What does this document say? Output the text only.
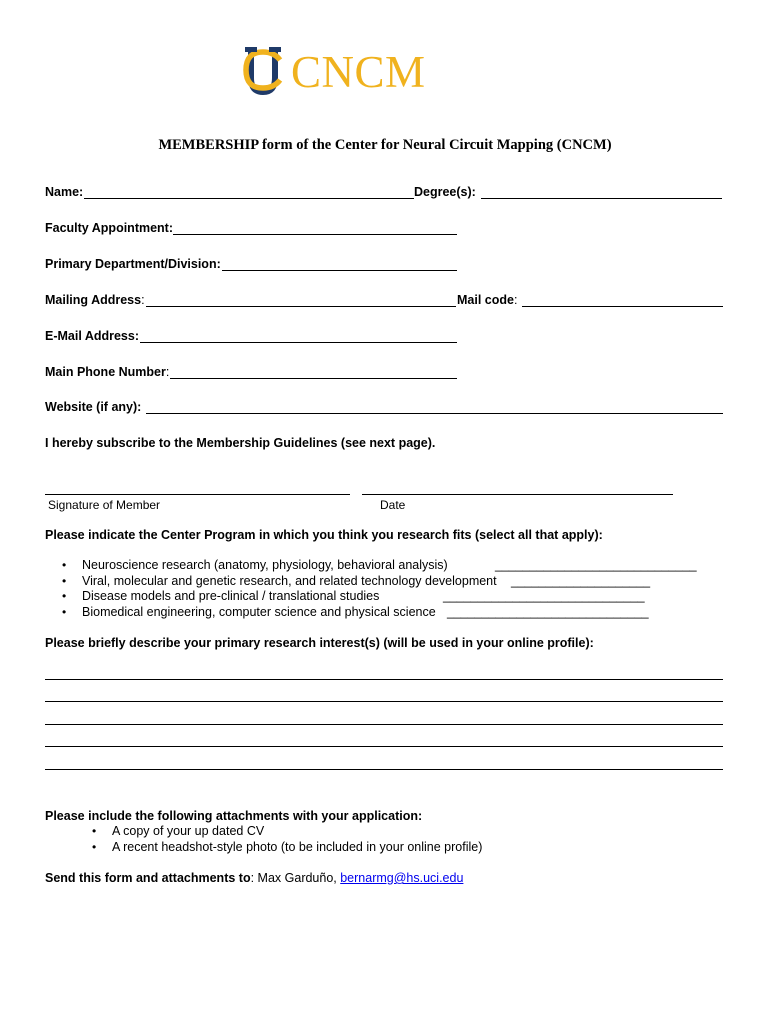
CNCM
MEMBERSHIP form of the Center for Neural Circuit Mapping (CNCM)
Name:	Degree(s):
Faculty Appointment:
Primary Department/Division:
Mailing Address:	Mail code:
E-Mail Address:
Main Phone Number:
Website (if any):
I hereby subscribe to the Membership Guidelines (see next page).
Signature of Member	Date
Please indicate the Center Program in which you think you research fits (select all that apply):
• Neuroscience research (anatomy, physiology, behavioral analysis)	_____________________________
• Viral, molecular and genetic research, and related technology development ____________________
• Disease models and pre-clinical / translational studies	_____________________________
• Biomedical engineering, computer science and physical science _____________________________
Please briefly describe your primary research interest(s) (will be used in your online profile):
Please include the following attachments with your application:
• A copy of your up dated CV
• A recent headshot-style photo (to be included in your online profile)
Send this form and attachments to: Max Garduño, bernarmg@hs.uci.edu
